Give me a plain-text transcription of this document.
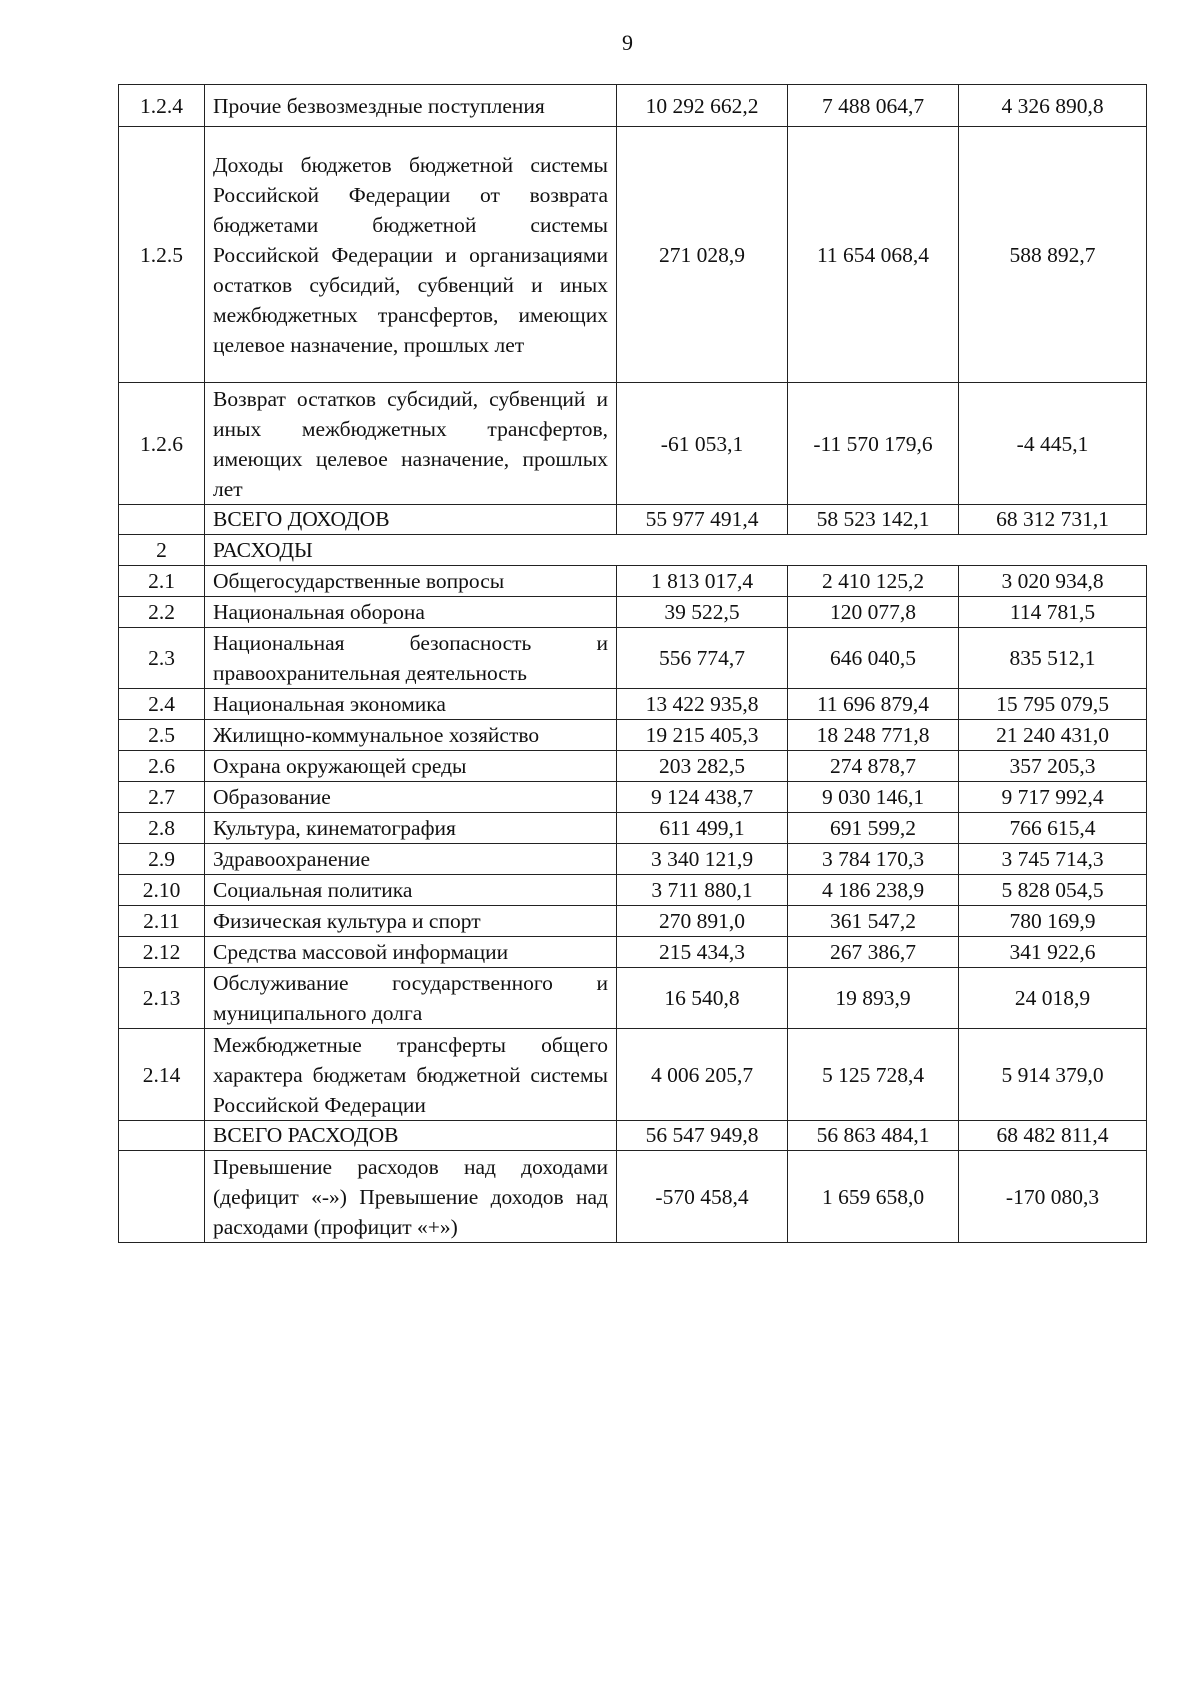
9
1.2.4	Прочие безвозмездные поступления	10 292 662,2	7 488 064,7	4 326 890,8
1.2.5	Доходы бюджетов бюджетной системы Российской Федерации от возврата бюджетами бюджетной системы Российской Федерации и организациями остатков субсидий, субвенций и иных межбюджетных трансфертов, имеющих целевое назначение, прошлых лет	271 028,9	11 654 068,4	588 892,7
1.2.6	Возврат остатков субсидий, субвенций и иных межбюджетных трансфертов, имеющих целевое назначение, прошлых лет	-61 053,1	-11 570 179,6	-4 445,1
	ВСЕГО ДОХОДОВ	55 977 491,4	58 523 142,1	68 312 731,1
2	РАСХОДЫ			
2.1	Общегосударственные вопросы	1 813 017,4	2 410 125,2	3 020 934,8
2.2	Национальная оборона	39 522,5	120 077,8	114 781,5
2.3	Национальная безопасность и правоохранительная деятельность	556 774,7	646 040,5	835 512,1
2.4	Национальная экономика	13 422 935,8	11 696 879,4	15 795 079,5
2.5	Жилищно-коммунальное хозяйство	19 215 405,3	18 248 771,8	21 240 431,0
2.6	Охрана окружающей среды	203 282,5	274 878,7	357 205,3
2.7	Образование	9 124 438,7	9 030 146,1	9 717 992,4
2.8	Культура, кинематография	611 499,1	691 599,2	766 615,4
2.9	Здравоохранение	3 340 121,9	3 784 170,3	3 745 714,3
2.10	Социальная политика	3 711 880,1	4 186 238,9	5 828 054,5
2.11	Физическая культура и спорт	270 891,0	361 547,2	780 169,9
2.12	Средства массовой информации	215 434,3	267 386,7	341 922,6
2.13	Обслуживание государственного и муниципального долга	16 540,8	19 893,9	24 018,9
2.14	Межбюджетные трансферты общего характера бюджетам бюджетной системы Российской Федерации	4 006 205,7	5 125 728,4	5 914 379,0
	ВСЕГО РАСХОДОВ	56 547 949,8	56 863 484,1	68 482 811,4
	Превышение расходов над доходами (дефицит «-») Превышение доходов над расходами (профицит «+»)	-570 458,4	1 659 658,0	-170 080,3
